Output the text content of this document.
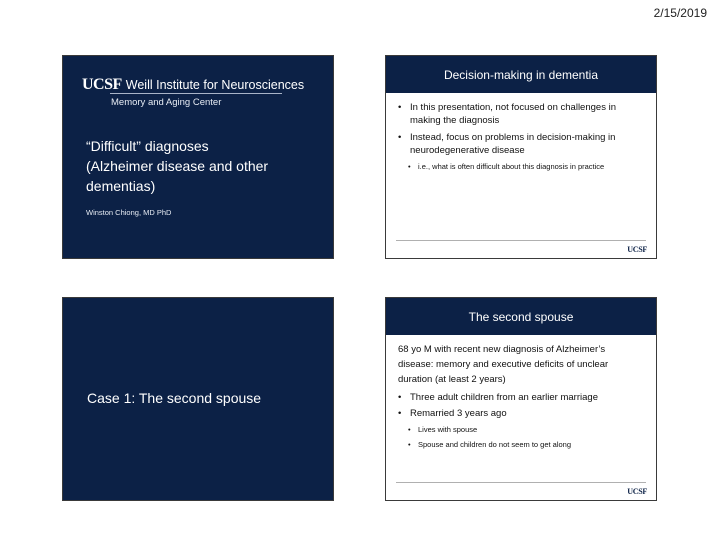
2/15/2019
UCSF Weill Institute for Neurosciences
Memory and Aging Center
“Difficult” diagnoses
(Alzheimer disease and other
dementias)
Winston Chiong, MD PhD
Decision-making in dementia
• In this presentation, not focused on challenges in making the diagnosis
• Instead, focus on problems in decision-making in neurodegenerative disease
• i.e., what is often difficult about this diagnosis in practice
UCSF
Case 1: The second spouse
The second spouse
68 yo M with recent new diagnosis of Alzheimer’s disease: memory and executive deficits of unclear duration (at least 2 years)
• Three adult children from an earlier marriage
• Remarried 3 years ago
• Lives with spouse
• Spouse and children do not seem to get along
UCSF
